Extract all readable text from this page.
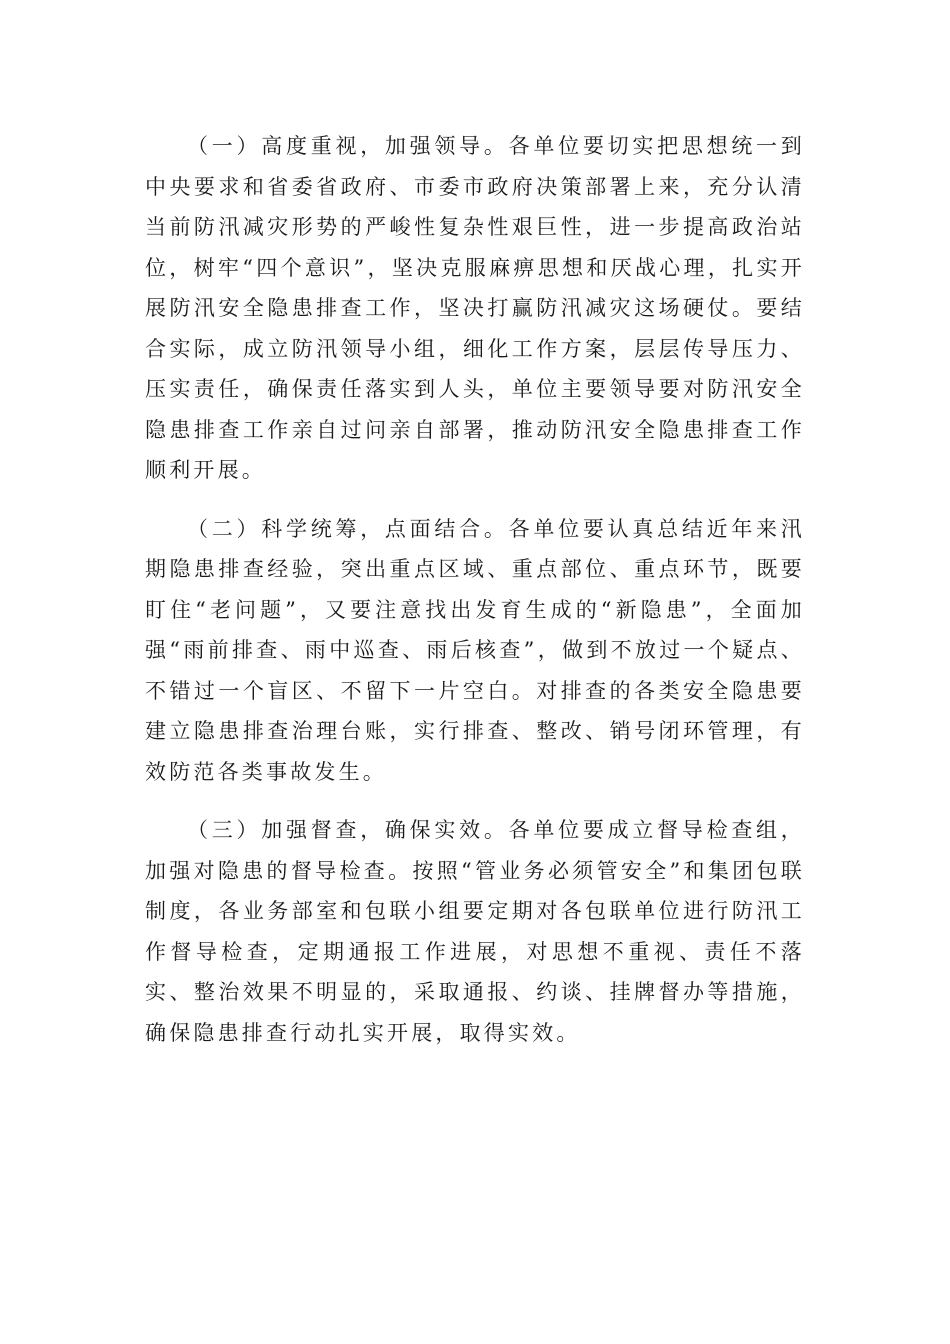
（一）高度重视，加强领导。各单位要切实把思想统一到中央要求和省委省政府、市委市政府决策部署上来，充分认清当前防汛减灾形势的严峻性复杂性艰巨性，进一步提高政治站位，树牢“四个意识”，坚决克服麻痹思想和厌战心理，扎实开展防汛安全隐患排查工作，坚决打赢防汛减灾这场硬仗。要结合实际，成立防汛领导小组，细化工作方案，层层传导压力、压实责任，确保责任落实到人头，单位主要领导要对防汛安全隐患排查工作亲自过问亲自部署，推动防汛安全隐患排查工作顺利开展。

（二）科学统筹，点面结合。各单位要认真总结近年来汛期隐患排查经验，突出重点区域、重点部位、重点环节，既要盯住“老问题”，又要注意找出发育生成的“新隐患”，全面加强“雨前排查、雨中巡查、雨后核查”，做到不放过一个疑点、不错过一个盲区、不留下一片空白。对排查的各类安全隐患要建立隐患排查治理台账，实行排查、整改、销号闭环管理，有效防范各类事故发生。

（三）加强督查，确保实效。各单位要成立督导检查组，加强对隐患的督导检查。按照“管业务必须管安全”和集团包联制度，各业务部室和包联小组要定期对各包联单位进行防汛工作督导检查，定期通报工作进展，对思想不重视、责任不落实、整治效果不明显的，采取通报、约谈、挂牌督办等措施，确保隐患排查行动扎实开展，取得实效。
